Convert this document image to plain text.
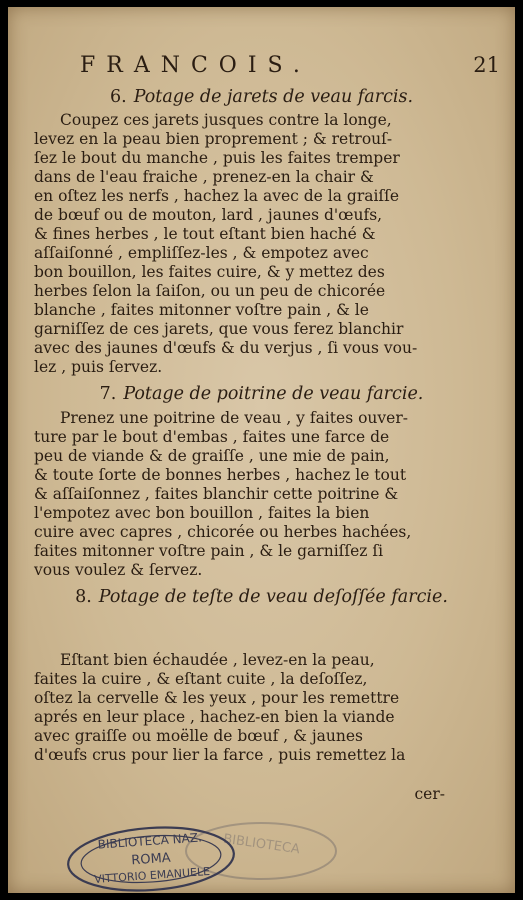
FRANCOIS.	21
6. Potage de jarets de veau farcis.
Coupez ces jarets jusques contre la longe,
levez en la peau bien proprement ; & retrouſ-
ſez le bout du manche , puis les faites tremper
dans de l'eau fraiche , prenez-en la chair &
en oſtez les nerfs , hachez la avec de la graiſſe
de bœuf ou de mouton, lard , jaunes d'œufs,
& fines herbes , le tout eſtant bien haché &
aſſaiſonné , empliſſez-les , & empotez avec
bon bouillon, les faites cuire, & y mettez des
herbes ſelon la ſaiſon, ou un peu de chicorée
blanche , faites mitonner voſtre pain , & le
garniſſez de ces jarets, que vous ferez blanchir
avec des jaunes d'œufs & du verjus , ſi vous vou-
lez , puis ſervez.
7. Potage de poitrine de veau farcie.
Prenez une poitrine de veau , y faites ouver-
ture par le bout d'embas , faites une farce de
peu de viande & de graiſſe , une mie de pain,
& toute ſorte de bonnes herbes , hachez le tout
& aſſaiſonnez , faites blanchir cette poitrine &
l'empotez avec bon bouillon , faites la bien
cuire avec capres , chicorée ou herbes hachées,
faites mitonner voſtre pain , & le garniſſez ſi
vous voulez & ſervez.
8. Potage de teſte de veau deſoſſée farcie.
Eſtant bien échaudée , levez-en la peau,
faites la cuire , & eſtant cuite , la deſoſſez,
oſtez la cervelle & les yeux , pour les remettre
aprés en leur place , hachez-en bien la viande
avec graiſſe ou moëlle de bœuf , & jaunes
d'œufs crus pour lier la farce , puis remettez la
cer-
BIBLIOTECA
BIBLIOTECA NAZ.
ROMA
VITTORIO EMANUELE
